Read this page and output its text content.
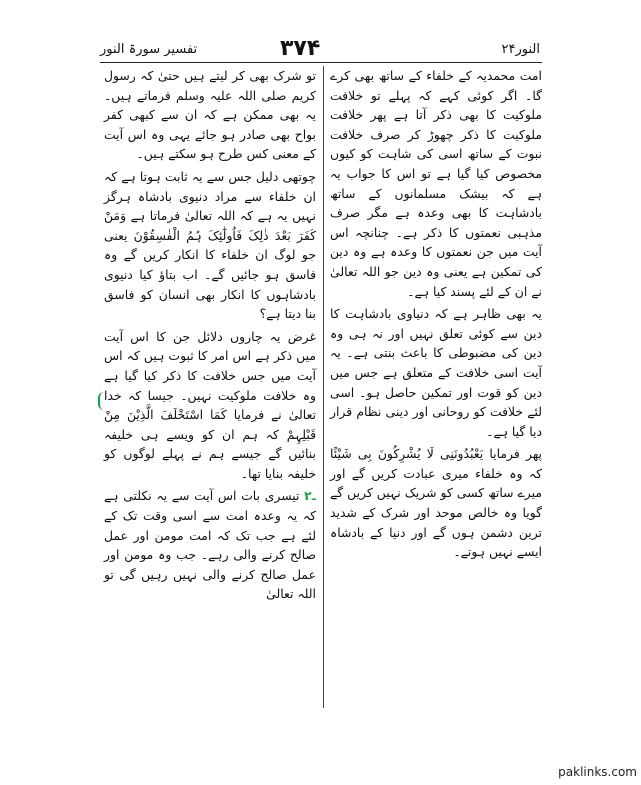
تفسیر سورۃ النور	۳۷۴	النور۲۴

امت محمدیہ کے خلفاء کے ساتھ بھی کرے گا۔ اگر کوئی کہے کہ پہلے تو خلافت ملوکیت کا بھی ذکر آتا ہے پھر خلافت ملوکیت کا ذکر چھوڑ کر صرف خلافت نبوت کے ساتھ اسی کی شاہت کو کیوں مخصوص کیا گیا ہے تو اس کا جواب یہ ہے کہ بیشک مسلمانوں کے ساتھ بادشاہت کا بھی وعدہ ہے مگر صرف مذہبی نعمتوں کا ذکر ہے۔ چنانچہ اس آیت میں جن نعمتوں کا وعدہ ہے وہ دین کی تمکین ہے یعنی وہ دین جو اللہ تعالیٰ نے ان کے لئے پسند کیا ہے۔

یہ بھی ظاہر ہے کہ دنیاوی بادشاہت کا دین سے کوئی تعلق نہیں اور نہ ہی وہ دین کی مضبوطی کا باعث بنتی ہے۔ یہ آیت اسی خلافت کے متعلق ہے جس میں دین کو قوت اور تمکین حاصل ہو۔ اسی لئے خلافت کو روحانی اور دینی نظام قرار دیا گیا ہے۔

پھر فرمایا یَعْبُدُونَنِی لَا یُشْرِکُونَ بِی شَیْئًا کہ وہ خلفاء میری عبادت کریں گے اور میرے ساتھ کسی کو شریک نہیں کریں گے گویا وہ خالص موحد اور شرک کے شدید ترین دشمن ہوں گے اور دنیا کے بادشاہ ایسے نہیں ہوتے۔

تو شرک بھی کر لیتے ہیں حتیٰ کہ رسول کریم صلی اللہ علیہ وسلم فرماتے ہیں۔ یہ بھی ممکن ہے کہ ان سے کبھی کفر بواح بھی صادر ہو جائے یہی وہ اس آیت کے معنی کس طرح ہو سکتے ہیں۔

چوتھی دلیل جس سے یہ ثابت ہوتا ہے کہ ان خلفاء سے مراد دنیوی بادشاہ ہرگز نہیں یہ ہے کہ اللہ تعالیٰ فرماتا ہے وَمَنْ کَفَرَ بَعْدَ ذٰلِکَ فَاُولٰٓئِکَ ہُمُ الْفٰسِقُوْنَ یعنی جو لوگ ان خلفاء کا انکار کریں گے وہ فاسق ہو جائیں گے۔ اب بتاؤ کیا دنیوی بادشاہوں کا انکار بھی انسان کو فاسق بنا دیتا ہے؟

غرض یہ چاروں دلائل جن کا اس آیت میں ذکر ہے اس امر کا ثبوت ہیں کہ اس آیت میں جس خلافت کا ذکر کیا گیا ہے وہ خلافت ملوکیت نہیں۔ جیسا کہ خدا تعالیٰ نے فرمایا کَمَا اسْتَخْلَفَ الَّذِیْنَ مِنْ قَبْلِہِمْ کہ ہم ان کو ویسے ہی خلیفہ بنائیں گے جیسے ہم نے پہلے لوگوں کو خلیفہ بنایا تھا۔

ـ۲ تیسری بات اس آیت سے یہ نکلتی ہے کہ یہ وعدہ امت سے اسی وقت تک کے لئے ہے جب تک کہ امت مومن اور عمل صالح کرنے والی رہے۔ جب وہ مومن اور عمل صالح کرنے والی نہیں رہیں گی تو اللہ تعالیٰ

paklinks.com
